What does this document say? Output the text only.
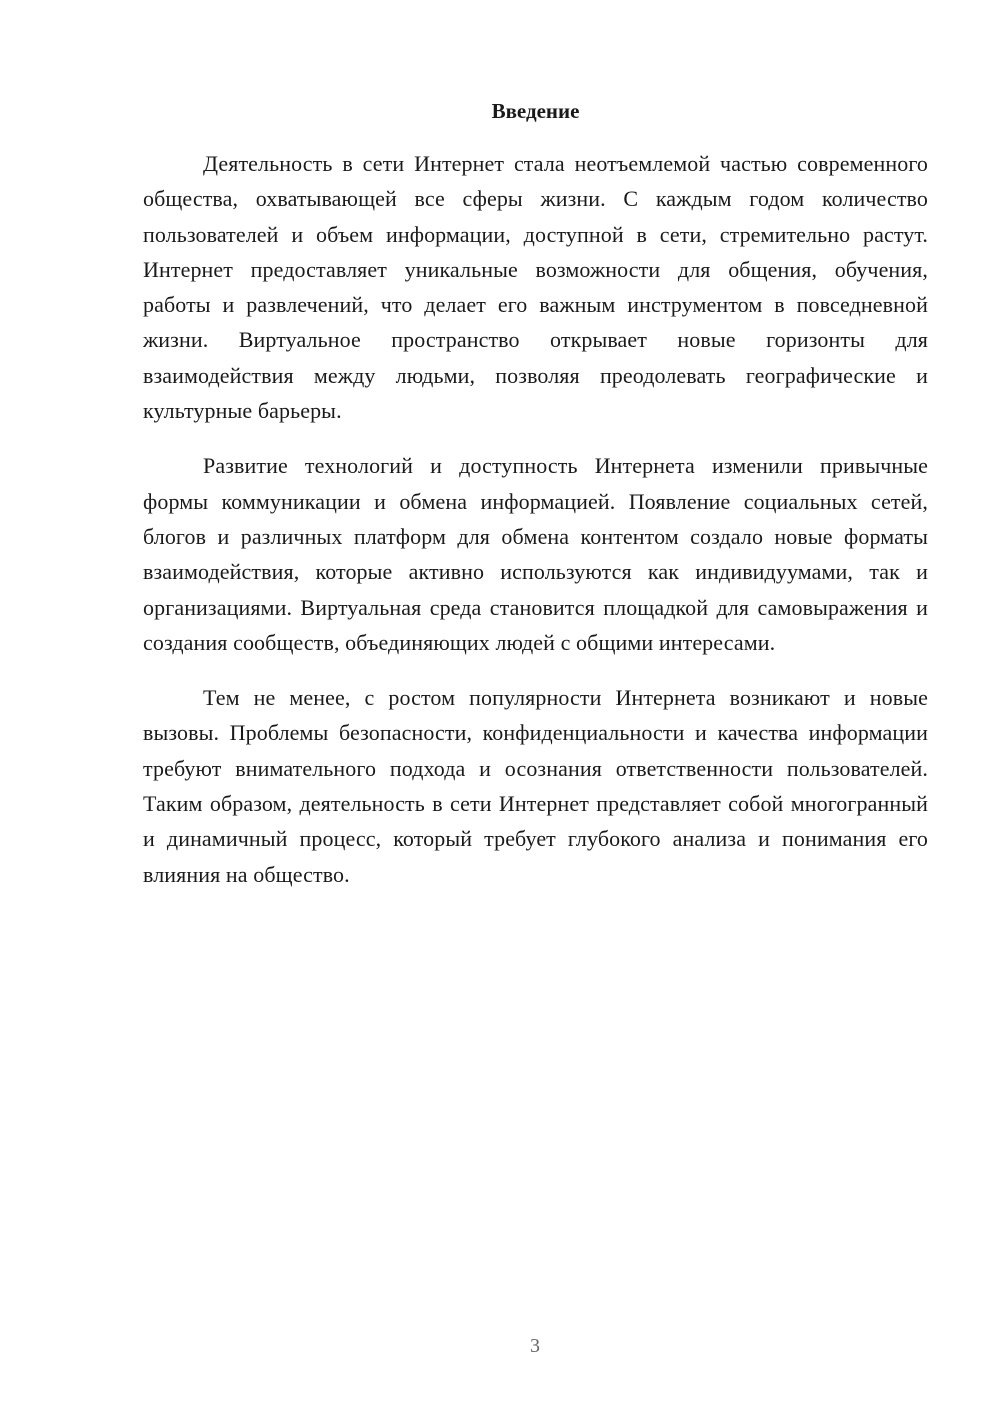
Введение

Деятельность в сети Интернет стала неотъемлемой частью современного общества, охватывающей все сферы жизни. С каждым годом количество пользователей и объем информации, доступной в сети, стремительно растут. Интернет предоставляет уникальные возможности для общения, обучения, работы и развлечений, что делает его важным инструментом в повседневной жизни. Виртуальное пространство открывает новые горизонты для взаимодействия между людьми, позволяя преодолевать географические и культурные барьеры.

Развитие технологий и доступность Интернета изменили привычные формы коммуникации и обмена информацией. Появление социальных сетей, блогов и различных платформ для обмена контентом создало новые форматы взаимодействия, которые активно используются как индивидуумами, так и организациями. Виртуальная среда становится площадкой для самовыражения и создания сообществ, объединяющих людей с общими интересами.

Тем не менее, с ростом популярности Интернета возникают и новые вызовы. Проблемы безопасности, конфиденциальности и качества информации требуют внимательного подхода и осознания ответственности пользователей. Таким образом, деятельность в сети Интернет представляет собой многогранный и динамичный процесс, который требует глубокого анализа и понимания его влияния на общество.

3
